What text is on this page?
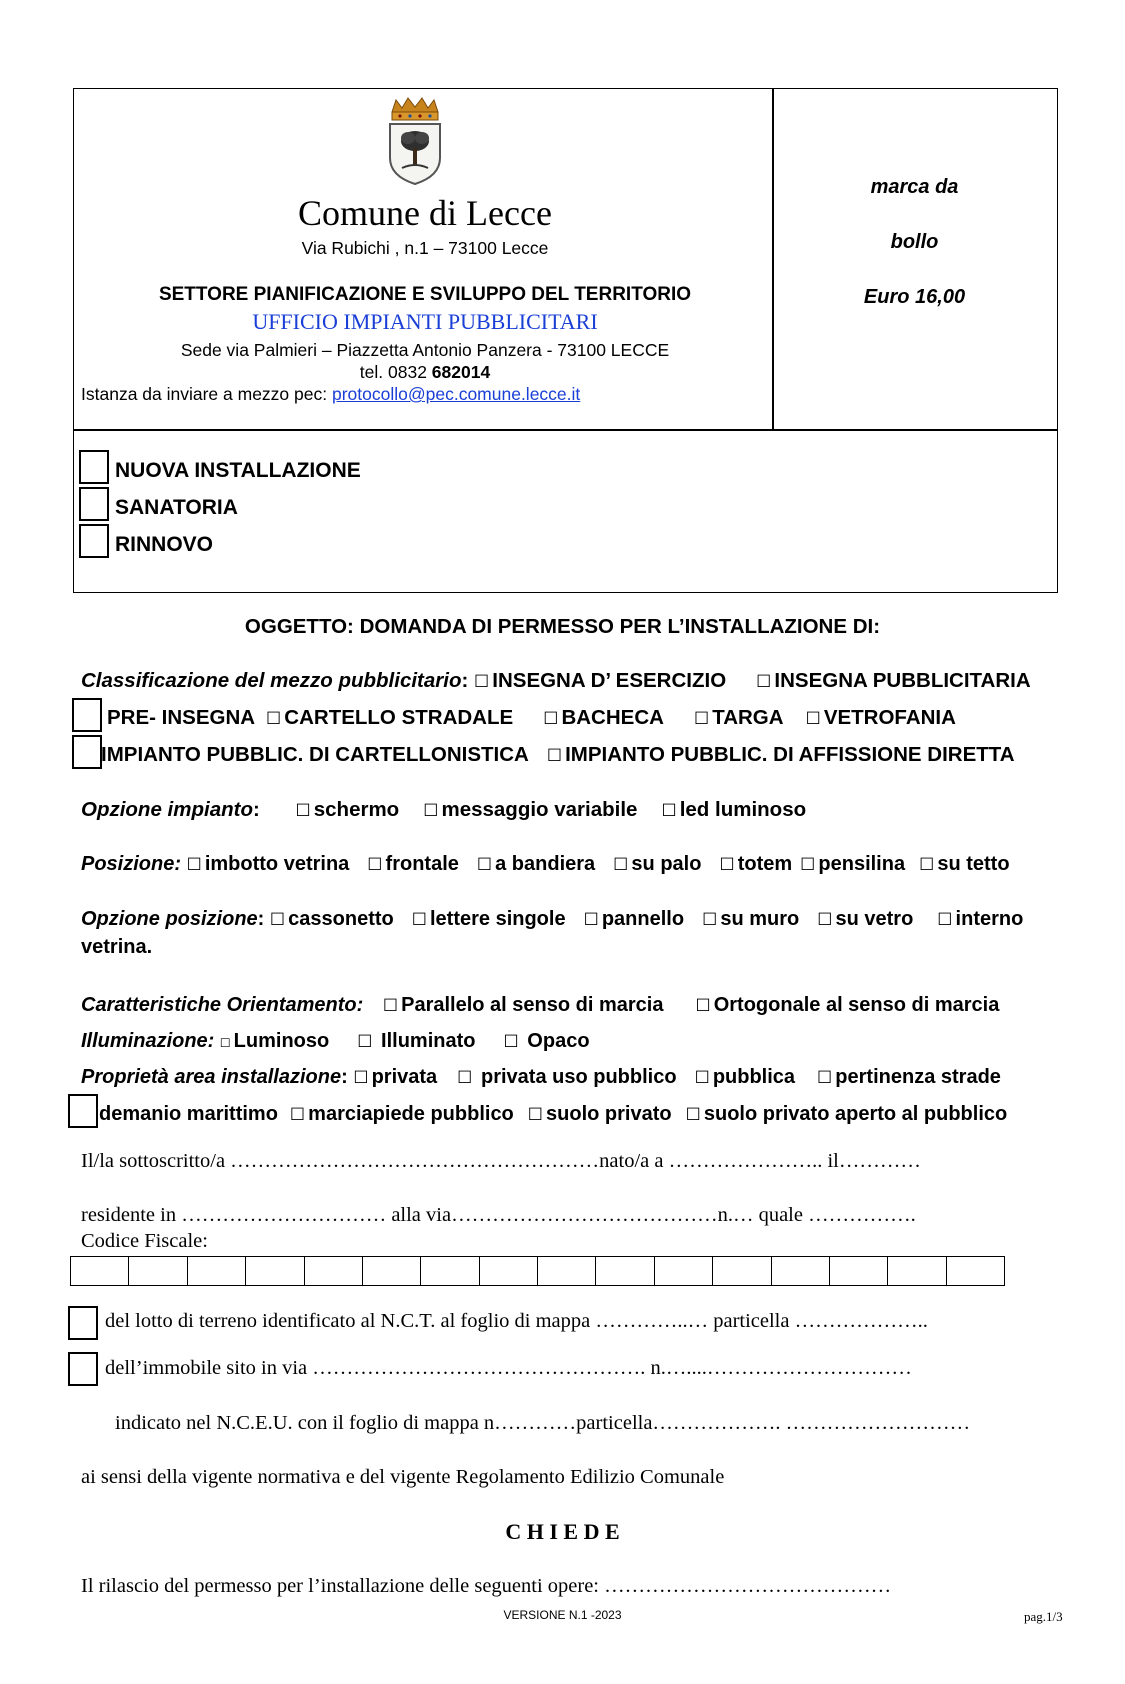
Comune di Lecce
Via Rubichi , n.1 – 73100 Lecce
SETTORE PIANIFICAZIONE E SVILUPPO DEL TERRITORIO
UFFICIO IMPIANTI PUBBLICITARI
Sede via Palmieri – Piazzetta Antonio Panzera - 73100 LECCE
tel. 0832 682014
Istanza da inviare a mezzo pec: protocollo@pec.comune.lecce.it
marca da
bollo
Euro 16,00
NUOVA INSTALLAZIONE
SANATORIA
RINNOVO
OGGETTO: DOMANDA DI PERMESSO PER L’INSTALLAZIONE DI:
Classificazione del mezzo pubblicitario: ☐ INSEGNA D’ ESERCIZIO ☐ INSEGNA PUBBLICITARIA
PRE- INSEGNA ☐ CARTELLO STRADALE ☐ BACHECA ☐ TARGA ☐ VETROFANIA
IMPIANTO PUBBLIC. DI CARTELLONISTICA ☐ IMPIANTO PUBBLIC. DI AFFISSIONE DIRETTA
Opzione impianto: ☐ schermo ☐ messaggio variabile ☐ led luminoso
Posizione: ☐ imbotto vetrina ☐ frontale ☐ a bandiera ☐ su palo ☐ totem ☐ pensilina ☐ su tetto
Opzione posizione: ☐ cassonetto ☐ lettere singole ☐ pannello ☐ su muro ☐ su vetro ☐ interno
vetrina.
Caratteristiche Orientamento: ☐ Parallelo al senso di marcia ☐ Ortogonale al senso di marcia
Illuminazione: ☐ Luminoso ☐ Illuminato ☐ Opaco
Proprietà area installazione: ☐ privata ☐ privata uso pubblico ☐ pubblica ☐ pertinenza strade
demanio marittimo ☐ marciapiede pubblico ☐ suolo privato ☐ suolo privato aperto al pubblico
Il/la sottoscritto/a ………………………………………………nato/a a ………………….. il…………
residente in ………………………… alla via…………………………………n.… quale …………….
Codice Fiscale:
del lotto di terreno identificato al N.C.T. al foglio di mappa …………..… particella ………………..
dell’immobile sito in via …………………………………………. n.…....…………………………
indicato nel N.C.E.U. con il foglio di mappa n…………particella………………. ………………………
ai sensi della vigente normativa e del vigente Regolamento Edilizio Comunale
C H I E D E
Il rilascio del permesso per l’installazione delle seguenti opere: ……………………………………
VERSIONE N.1 -2023	pag.1/3
